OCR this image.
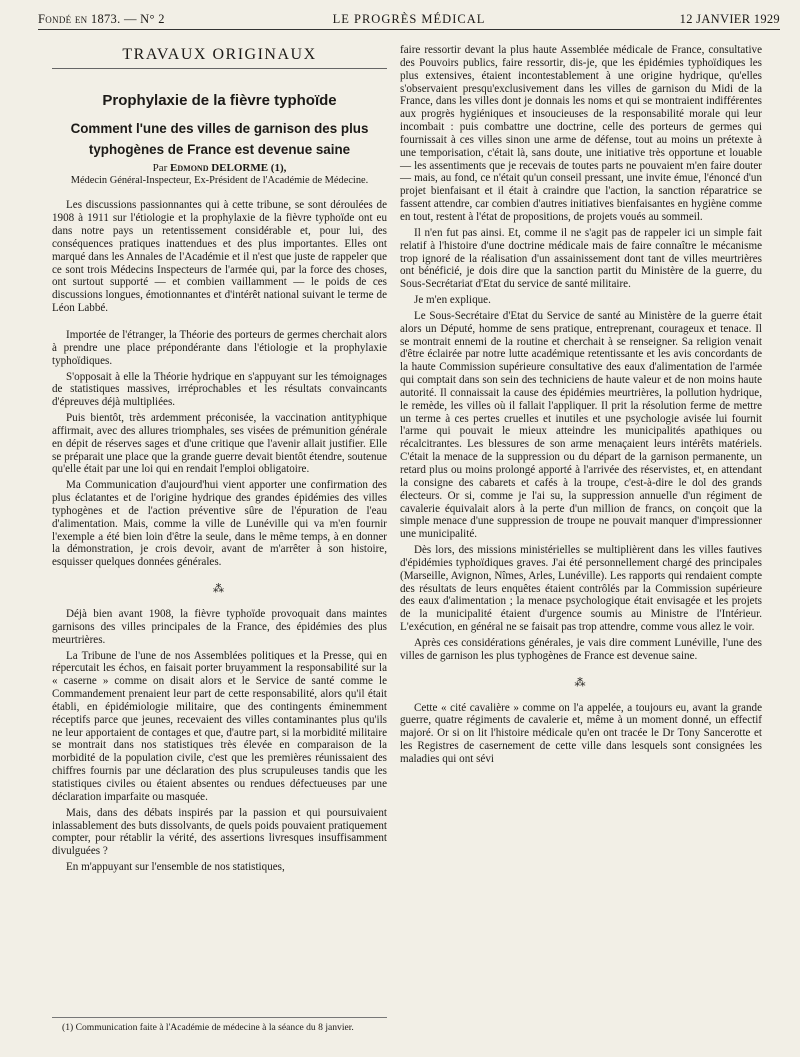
Fondé en 1873. — N° 2	LE PROGRÈS MÉDICAL	12 JANVIER 1929
TRAVAUX ORIGINAUX
Prophylaxie de la fièvre typhoïde
Comment l'une des villes de garnison des plus
typhogènes de France est devenue saine
Par Edmond DELORME (1),
Médecin Général-Inspecteur, Ex-Président de l'Académie de Médecine.

Les discussions passionnantes qui à cette tribune, se sont déroulées de 1908 à 1911 sur l'étiologie et la prophylaxie de la fièvre typhoïde ont eu dans notre pays un retentissement considérable et, pour lui, des conséquences pratiques inattendues et des plus importantes. Elles ont marqué dans les Annales de l'Académie et il n'est que juste de rappeler que ce sont trois Médecins Inspecteurs de l'armée qui, par la force des choses, ont surtout supporté — et combien vaillamment — le poids de ces discussions longues, émotionnantes et d'intérêt national suivant le terme de Léon Labbé.

Importée de l'étranger, la Théorie des porteurs de germes cherchait alors à prendre une place prépondérante dans l'étiologie et la prophylaxie typhoïdiques.

S'opposait à elle la Théorie hydrique en s'appuyant sur les témoignages de statistiques massives, irréprochables et les résultats convaincants d'épreuves déjà multipliées.

Puis bientôt, très ardemment préconisée, la vaccination antityphique affirmait, avec des allures triomphales, ses visées de prémunition générale en dépit de réserves sages et d'une critique que l'avenir allait justifier. Elle se préparait une place que la grande guerre devait bientôt étendre, soutenue qu'elle était par une loi qui en rendait l'emploi obligatoire.

Ma Communication d'aujourd'hui vient apporter une confirmation des plus éclatantes et de l'origine hydrique des grandes épidémies des villes typhogènes et de l'action préventive sûre de l'épuration de l'eau d'alimentation. Mais, comme la ville de Lunéville qui va m'en fournir l'exemple a été bien loin d'être la seule, dans le même temps, à en donner la démonstration, je crois devoir, avant de m'arrêter à son histoire, esquisser quelques données générales.

⁂

Déjà bien avant 1908, la fièvre typhoïde provoquait dans maintes garnisons des villes principales de la France, des épidémies des plus meurtrières.

La Tribune de l'une de nos Assemblées politiques et la Presse, qui en répercutait les échos, en faisait porter bruyamment la responsabilité sur la « caserne » comme on disait alors et le Service de santé comme le Commandement prenaient leur part de cette responsabilité, alors qu'il était établi, en épidémiologie militaire, que des contingents éminemment réceptifs parce que jeunes, recevaient des villes contaminantes plus qu'ils ne leur apportaient de contages et que, d'autre part, si la morbidité militaire se montrait dans nos statistiques très élevée en comparaison de la morbidité de la population civile, c'est que les premières réunissaient des chiffres fournis par une déclaration des plus scrupuleuses tandis que les statistiques civiles ou étaient absentes ou rendues défectueuses par une déclaration imparfaite ou masquée.

Mais, dans des débats inspirés par la passion et qui poursuivaient inlassablement des buts dissolvants, de quels poids pouvaient pratiquement compter, pour rétablir la vérité, des assertions livresques insuffisamment divulguées ?

En m'appuyant sur l'ensemble de nos statistiques,

(1) Communication faite à l'Académie de médecine à la séance du 8 janvier.

faire ressortir devant la plus haute Assemblée médicale de France, consultative des Pouvoirs publics, faire ressortir, dis-je, que les épidémies typhoïdiques les plus extensives, étaient incontestablement à une origine hydrique, qu'elles s'observaient presqu'exclusivement dans les villes de garnison du Midi de la France, dans les villes dont je donnais les noms et qui se montraient indifférentes aux progrès hygiéniques et insoucieuses de la responsabilité morale qui leur incombait : puis combattre une doctrine, celle des porteurs de germes qui fournissait à ces villes sinon une arme de défense, tout au moins un prétexte à une temporisation, c'était là, sans doute, une initiative très opportune et louable — les assentiments que je recevais de toutes parts ne pouvaient m'en faire douter — mais, au fond, ce n'était qu'un conseil pressant, une invite émue, l'énoncé d'un projet bienfaisant et il était à craindre que l'action, la sanction réparatrice se fassent attendre, car combien d'autres initiatives bienfaisantes en hygiène comme en tout, restent à l'état de propositions, de projets voués au sommeil.

Il n'en fut pas ainsi. Et, comme il ne s'agit pas de rappeler ici un simple fait relatif à l'histoire d'une doctrine médicale mais de faire connaître le mécanisme trop ignoré de la réalisation d'un assainissement dont tant de villes meurtrières ont bénéficié, je dois dire que la sanction partit du Ministère de la guerre, du Sous-Secrétariat d'Etat du service de santé militaire.

Je m'en explique.

Le Sous-Secrétaire d'Etat du Service de santé au Ministère de la guerre était alors un Député, homme de sens pratique, entreprenant, courageux et tenace. Il se montrait ennemi de la routine et cherchait à se renseigner. Sa religion venait d'être éclairée par notre lutte académique retentissante et les avis concordants de la haute Commission supérieure consultative des eaux d'alimentation de l'armée qui comptait dans son sein des techniciens de haute valeur et de non moins haute autorité. Il connaissait la cause des épidémies meurtrières, la pollution hydrique, le remède, les villes où il fallait l'appliquer. Il prit la résolution ferme de mettre un terme à ces pertes cruelles et inutiles et une psychologie avisée lui fournit l'arme qui pouvait le mieux atteindre les municipalités apathiques ou récalcitrantes. Les blessures de son arme menaçaient leurs intérêts matériels. C'était la menace de la suppression ou du départ de la garnison permanente, un retard plus ou moins prolongé apporté à l'arrivée des réservistes, et, en attendant la consigne des cabarets et cafés à la troupe, c'est-à-dire le dol des grands électeurs. Or si, comme je l'ai su, la suppression annuelle d'un régiment de cavalerie équivalait alors à la perte d'un million de francs, on conçoit que la simple menace d'une suppression de troupe ne pouvait manquer d'impressionner une municipalité.

Dès lors, des missions ministérielles se multiplièrent dans les villes fautives d'épidémies typhoïdiques graves. J'ai été personnellement chargé des principales (Marseille, Avignon, Nîmes, Arles, Lunéville). Les rapports qui rendaient compte des résultats de leurs enquêtes étaient contrôlés par la Commission supérieure des eaux d'alimentation ; la menace psychologique était envisagée et les projets de la municipalité étaient d'urgence soumis au Ministre de l'Intérieur. L'exécution, en général ne se faisait pas trop attendre, comme vous allez le voir.

Après ces considérations générales, je vais dire comment Lunéville, l'une des villes de garnison les plus typhogènes de France est devenue saine.

⁂

Cette « cité cavalière » comme on l'a appelée, a toujours eu, avant la grande guerre, quatre régiments de cavalerie et, même à un moment donné, un effectif majoré. Or si on lit l'histoire médicale qu'en ont tracée le Dr Tony Sancerotte et les Registres de casernement de cette ville dans lesquels sont consignées les maladies qui ont sévi
